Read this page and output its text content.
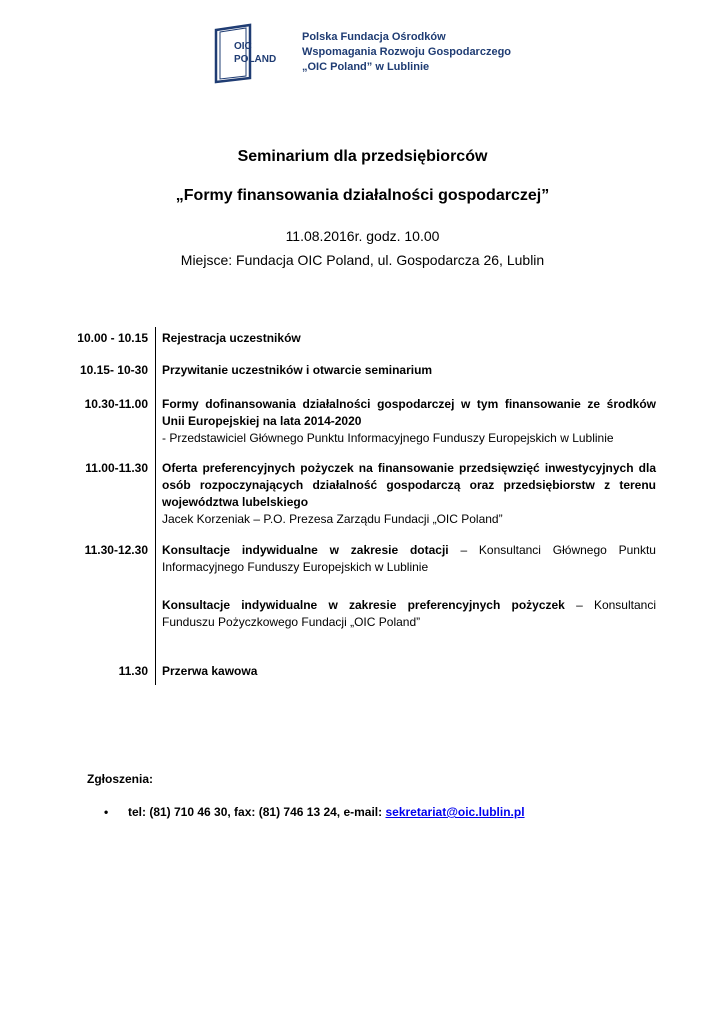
OIC
POLAND
Polska Fundacja Ośrodków
Wspomagania Rozwoju Gospodarczego
„OIC Poland” w Lublinie
Seminarium dla przedsiębiorców
„Formy finansowania działalności gospodarczej”
11.08.2016r. godz. 10.00
Miejsce: Fundacja OIC Poland, ul. Gospodarcza 26, Lublin
10.00 - 10.15 Rejestracja uczestników
10.15- 10-30 Przywitanie uczestników i otwarcie seminarium
10.30-11.00 Formy dofinansowania działalności gospodarczej w tym finansowanie ze środków Unii Europejskiej na lata 2014-2020
- Przedstawiciel Głównego Punktu Informacyjnego Funduszy Europejskich w Lublinie
11.00-11.30 Oferta preferencyjnych pożyczek na finansowanie przedsięwzięć inwestycyjnych dla osób rozpoczynających działalność gospodarczą oraz przedsiębiorstw z terenu województwa lubelskiego
Jacek Korzeniak – P.O. Prezesa Zarządu Fundacji „OIC Poland”
11.30-12.30 Konsultacje indywidualne w zakresie dotacji – Konsultanci Głównego Punktu Informacyjnego Funduszy Europejskich w Lublinie
Konsultacje indywidualne w zakresie preferencyjnych pożyczek – Konsultanci Funduszu Pożyczkowego Fundacji „OIC Poland”
11.30 Przerwa kawowa
Zgłoszenia:
• tel: (81) 710 46 30, fax: (81) 746 13 24, e-mail: sekretariat@oic.lublin.pl
